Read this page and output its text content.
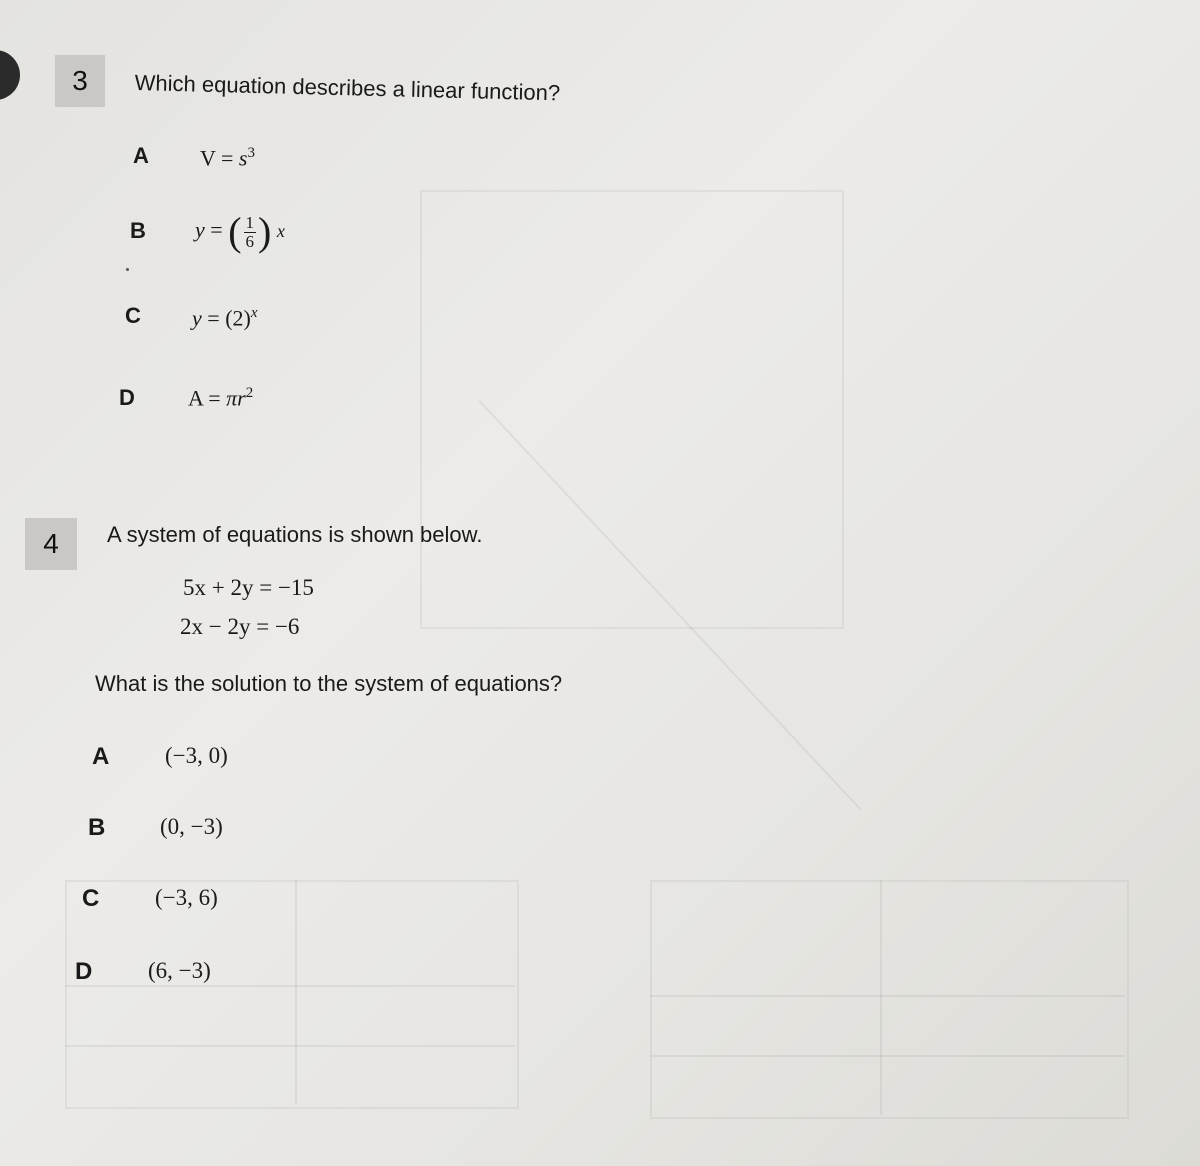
3	Which equation describes a linear function?
A $V = s^3$
B y = ( $\frac{1}{6}$ ) x
C $y = (2)^x$
D $A = \pi r^2$
4	A system of equations is shown below.
5x + 2y = −15
2x − 2y = −6
What is the solution to the system of equations?
A (−3, 0)
B (0, −3)
C (−3, 6)
D (6, −3)
